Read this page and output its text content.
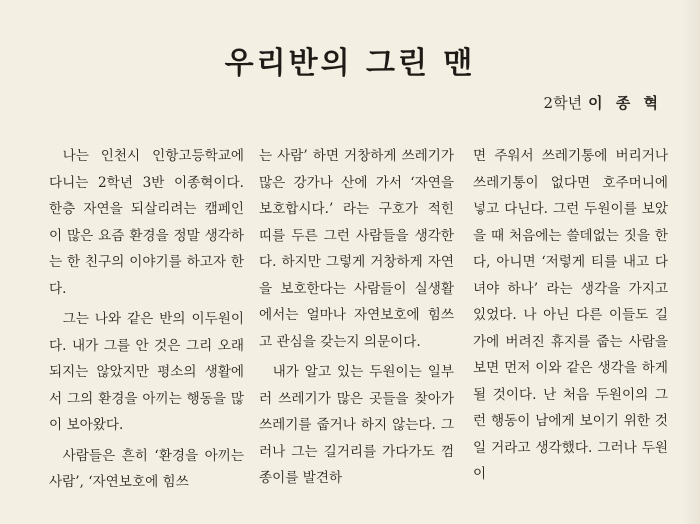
우리반의 그린 맨
2학년 이 종 혁

나는 인천시 인항고등학교에 다니는 2학년 3반 이종혁이다. 한층 자연을 되살리려는 캠페인이 많은 요즘 환경을 정말 생각하는 한 친구의 이야기를 하고자 한다.

그는 나와 같은 반의 이두원이다. 내가 그를 안 것은 그리 오래 되지는 않았지만 평소의 생활에서 그의 환경을 아끼는 행동을 많이 보아왔다.

사람들은 흔히 ‘환경을 아끼는 사람’, ‘자연보호에 힘쓰

는 사람’ 하면 거창하게 쓰레기가 많은 강가나 산에 가서 ‘자연을 보호합시다.’ 라는 구호가 적힌 띠를 두른 그런 사람들을 생각한다. 하지만 그렇게 거창하게 자연을 보호한다는 사람들이 실생활에서는 얼마나 자연보호에 힘쓰고 관심을 갖는지 의문이다.

내가 알고 있는 두원이는 일부러 쓰레기가 많은 곳들을 찾아가 쓰레기를 줍거나 하지 않는다. 그러나 그는 길거리를 가다가도 껌종이를 발견하

면 주워서 쓰레기통에 버리거나 쓰레기통이 없다면 호주머니에 넣고 다닌다. 그런 두원이를 보았을 때 처음에는 쓸데없는 짓을 한다, 아니면 ‘저렇게 티를 내고 다녀야 하나’ 라는 생각을 가지고 있었다. 나 아닌 다른 이들도 길가에 버려진 휴지를 줍는 사람을 보면 먼저 이와 같은 생각을 하게 될 것이다. 난 처음 두원이의 그런 행동이 남에게 보이기 위한 것일 거라고 생각했다. 그러나 두원이
